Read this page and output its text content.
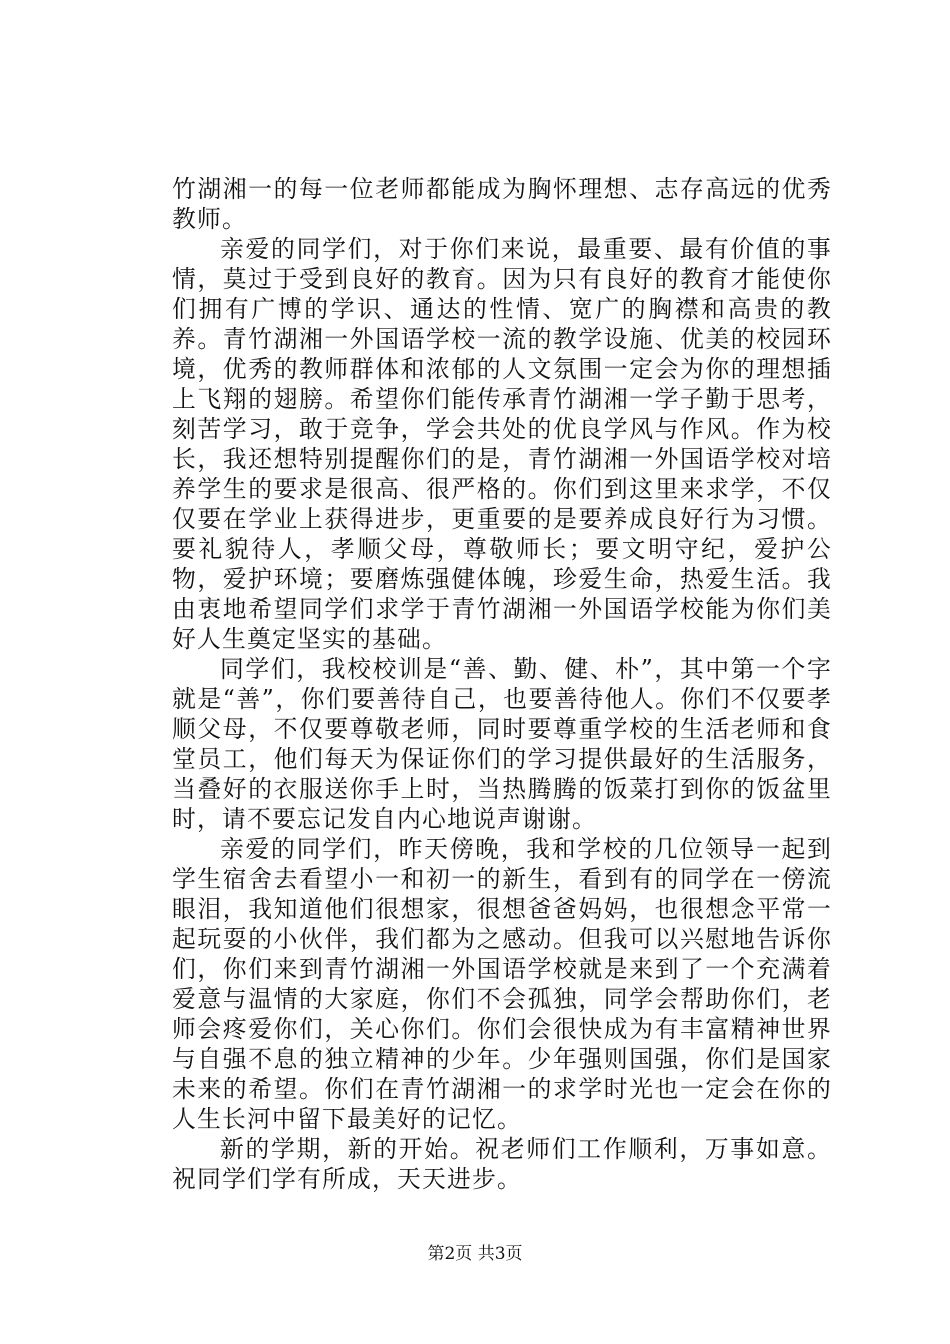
竹湖湘一的每一位老师都能成为胸怀理想、志存高远的优秀教师。

亲爱的同学们，对于你们来说，最重要、最有价值的事情，莫过于受到良好的教育。因为只有良好的教育才能使你们拥有广博的学识、通达的性情、宽广的胸襟和高贵的教养。青竹湖湘一外国语学校一流的教学设施、优美的校园环境，优秀的教师群体和浓郁的人文氛围一定会为你的理想插上飞翔的翅膀。希望你们能传承青竹湖湘一学子勤于思考，刻苦学习，敢于竞争，学会共处的优良学风与作风。作为校长，我还想特别提醒你们的是，青竹湖湘一外国语学校对培养学生的要求是很高、很严格的。你们到这里来求学，不仅仅要在学业上获得进步，更重要的是要养成良好行为习惯。要礼貌待人，孝顺父母，尊敬师长；要文明守纪，爱护公物，爱护环境；要磨炼强健体魄，珍爱生命，热爱生活。我由衷地希望同学们求学于青竹湖湘一外国语学校能为你们美好人生奠定坚实的基础。

同学们，我校校训是“善、勤、健、朴”，其中第一个字就是“善”，你们要善待自己，也要善待他人。你们不仅要孝顺父母，不仅要尊敬老师，同时要尊重学校的生活老师和食堂员工，他们每天为保证你们的学习提供最好的生活服务，当叠好的衣服送你手上时，当热腾腾的饭菜打到你的饭盆里时，请不要忘记发自内心地说声谢谢。

亲爱的同学们，昨天傍晚，我和学校的几位领导一起到学生宿舍去看望小一和初一的新生，看到有的同学在一傍流眼泪，我知道他们很想家，很想爸爸妈妈，也很想念平常一起玩耍的小伙伴，我们都为之感动。但我可以兴慰地告诉你们，你们来到青竹湖湘一外国语学校就是来到了一个充满着爱意与温情的大家庭，你们不会孤独，同学会帮助你们，老师会疼爱你们，关心你们。你们会很快成为有丰富精神世界与自强不息的独立精神的少年。少年强则国强，你们是国家未来的希望。你们在青竹湖湘一的求学时光也一定会在你的人生长河中留下最美好的记忆。

新的学期，新的开始。祝老师们工作顺利，万事如意。祝同学们学有所成，天天进步。

第2页 共3页
